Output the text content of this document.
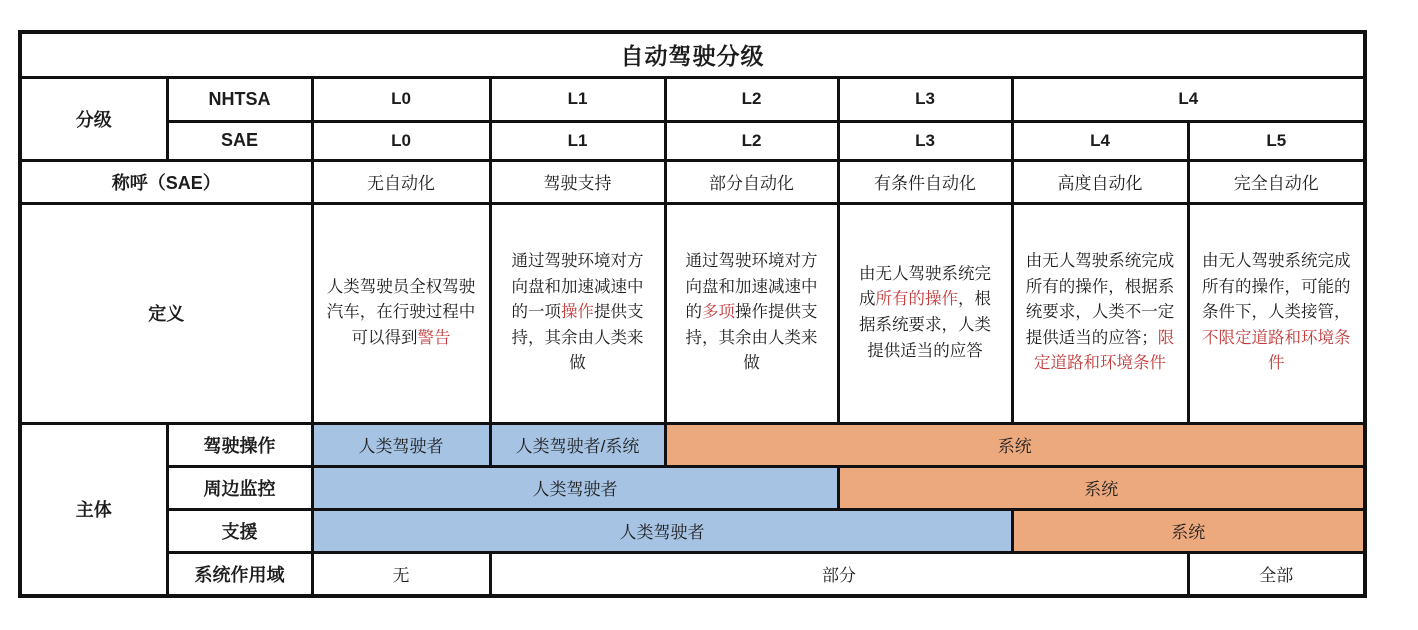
自动驾驶分级							
分级	NHTSA	L0	L1	L2	L3	L4	
	SAE	L0	L1	L2	L3	L4	L5
称呼（SAE）		无自动化	驾驶支持	部分自动化	有条件自动化	高度自动化	完全自动化
定义		人类驾驶员全权驾驶汽车，在行驶过程中可以得到警告	通过驾驶环境对方向盘和加速减速中的一项操作提供支持，其余由人类来做	通过驾驶环境对方向盘和加速减速中的多项操作提供支持，其余由人类来做	由无人驾驶系统完成所有的操作，根据系统要求，人类提供适当的应答	由无人驾驶系统完成所有的操作，根据系统要求，人类不一定提供适当的应答；限定道路和环境条件	由无人驾驶系统完成所有的操作，可能的条件下，人类接管，不限定道路和环境条件
主体	驾驶操作	人类驾驶者	人类驾驶者/系统	系统			
	周边监控	人类驾驶者			系统		
	支援	人类驾驶者				系统	
	系统作用域	无	部分				全部
